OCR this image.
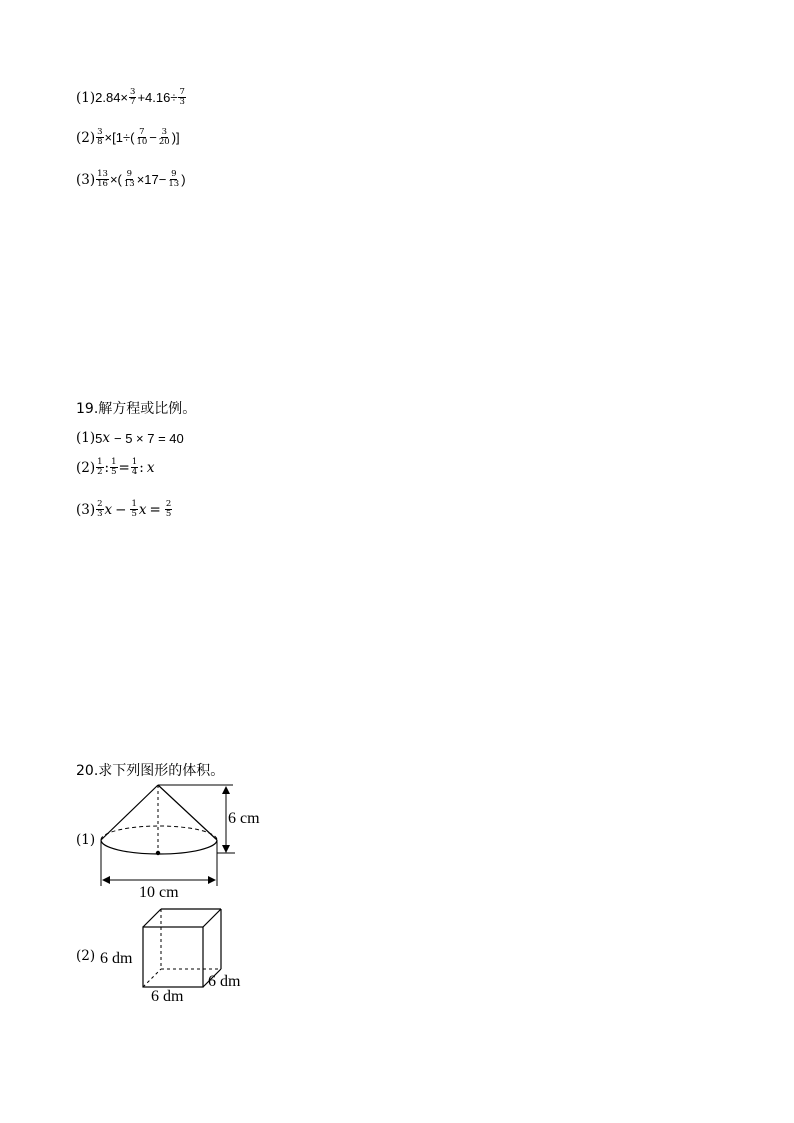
(1) $2.84\times \frac{3}{7} +4.16\div \frac{7}{3}$
$(2) \frac{3}{8} \times[1\div( \frac{7}{10} - \frac{3}{20}$ )]
$(3) \frac{13}{16}$ ×( $\frac{9}{13} \times 17- \frac{9}{13}$ )
19.解方程或比例。
(1) 5 x − 5 × 7 = 40
$(2) \frac{1}{2}$ : $\frac{1}{5} = \frac{1}{4}$ : x
$(3) \frac{2}{3}$ $x - \frac{1}{5}$ $x = \frac{2}{5}$
20.求下列图形的体积。
(1)
6 cm
10 cm
(2) 6 dm
6 dm
6 dm
